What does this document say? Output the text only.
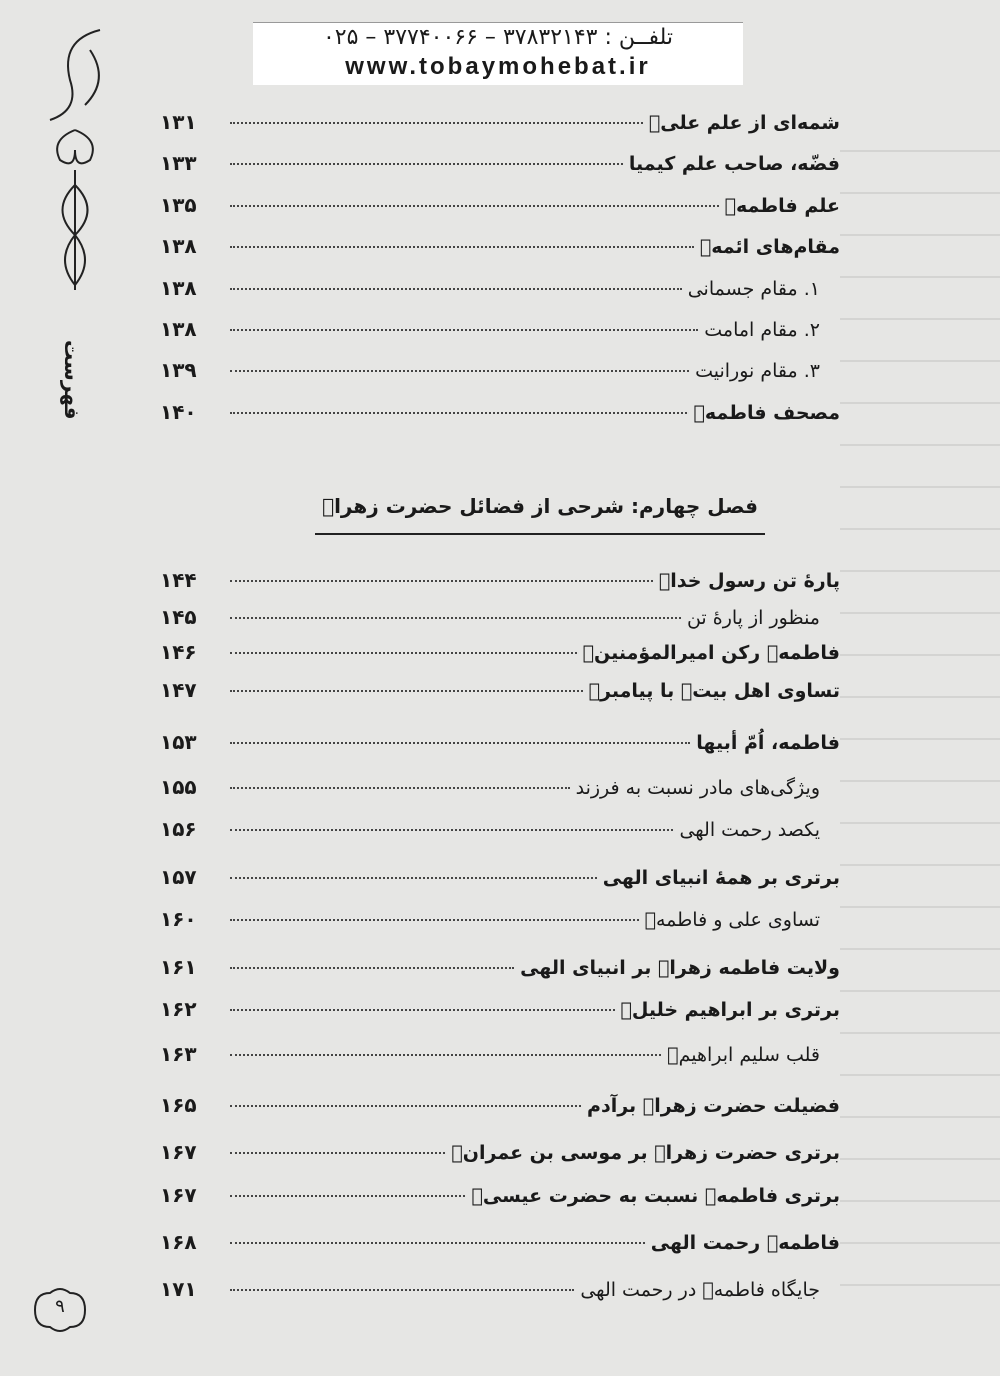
تلفــن : ۳۷۸۳۲۱۴۳ – ۳۷۷۴۰۰۶۶ – ۰۲۵
www.tobaymohebat.ir
فهرست
۹
شمه‌ای از علم علیؑ
۱۳۱
فضّه، صاحب علم کیمیا
۱۳۳
علم فاطمهؑ
۱۳۵
مقام‌های ائمهؑ
۱۳۸
۱. مقام جسمانی
۱۳۸
۲. مقام امامت
۱۳۸
۳. مقام نورانیت
۱۳۹
مصحف فاطمهؑ
۱۴۰
فصل چهارم: شرحی از فضائل حضرت زهراؑ
پارهٔ تن رسول خداؐ
۱۴۴
منظور از پارهٔ تن
۱۴۵
فاطمهؑ رکن امیرالمؤمنینؑ
۱۴۶
تساوی اهل بیتؑ با پیامبرؐ
۱۴۷
فاطمه، اُمّ أبیها
۱۵۳
ویژگی‌های مادر نسبت به فرزند
۱۵۵
یکصد رحمت الهی
۱۵۶
برتری بر همهٔ انبیای الهی
۱۵۷
تساوی علی و فاطمهؑ
۱۶۰
ولایت فاطمه زهراؑ بر انبیای الهی
۱۶۱
برتری بر ابراهیم خلیلؑ
۱۶۲
قلب سلیم ابراهیمؑ
۱۶۳
فضیلت حضرت زهراؑ برآدم
۱۶۵
برتری حضرت زهراؑ بر موسی بن عمرانؑ
۱۶۷
برتری فاطمهؑ نسبت به حضرت عیسیؑ
۱۶۷
فاطمهؑ رحمت الهی
۱۶۸
جایگاه فاطمهؑ در رحمت الهی
۱۷۱
